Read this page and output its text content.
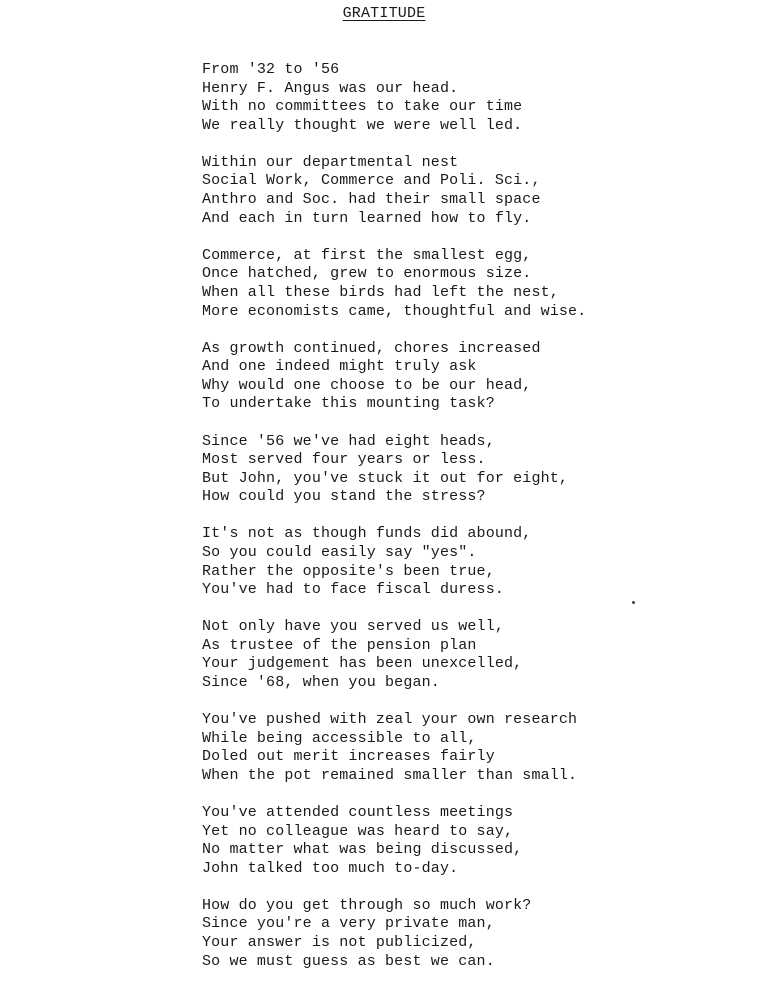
GRATITUDE
From '32 to '56
Henry F. Angus was our head.
With no committees to take our time
We really thought we were well led.
Within our departmental nest
Social Work, Commerce and Poli. Sci.,
Anthro and Soc. had their small space
And each in turn learned how to fly.
Commerce, at first the smallest egg,
Once hatched, grew to enormous size.
When all these birds had left the nest,
More economists came, thoughtful and wise.
As growth continued, chores increased
And one indeed might truly ask
Why would one choose to be our head,
To undertake this mounting task?
Since '56 we've had eight heads,
Most served four years or less.
But John, you've stuck it out for eight,
How could you stand the stress?
It's not as though funds did abound,
So you could easily say "yes".
Rather the opposite's been true,
You've had to face fiscal duress.
Not only have you served us well,
As trustee of the pension plan
Your judgement has been unexcelled,
Since '68, when you began.
You've pushed with zeal your own research
While being accessible to all,
Doled out merit increases fairly
When the pot remained smaller than small.
You've attended countless meetings
Yet no colleague was heard to say,
No matter what was being discussed,
John talked too much to-day.
How do you get through so much work?
Since you're a very private man,
Your answer is not publicized,
So we must guess as best we can.
